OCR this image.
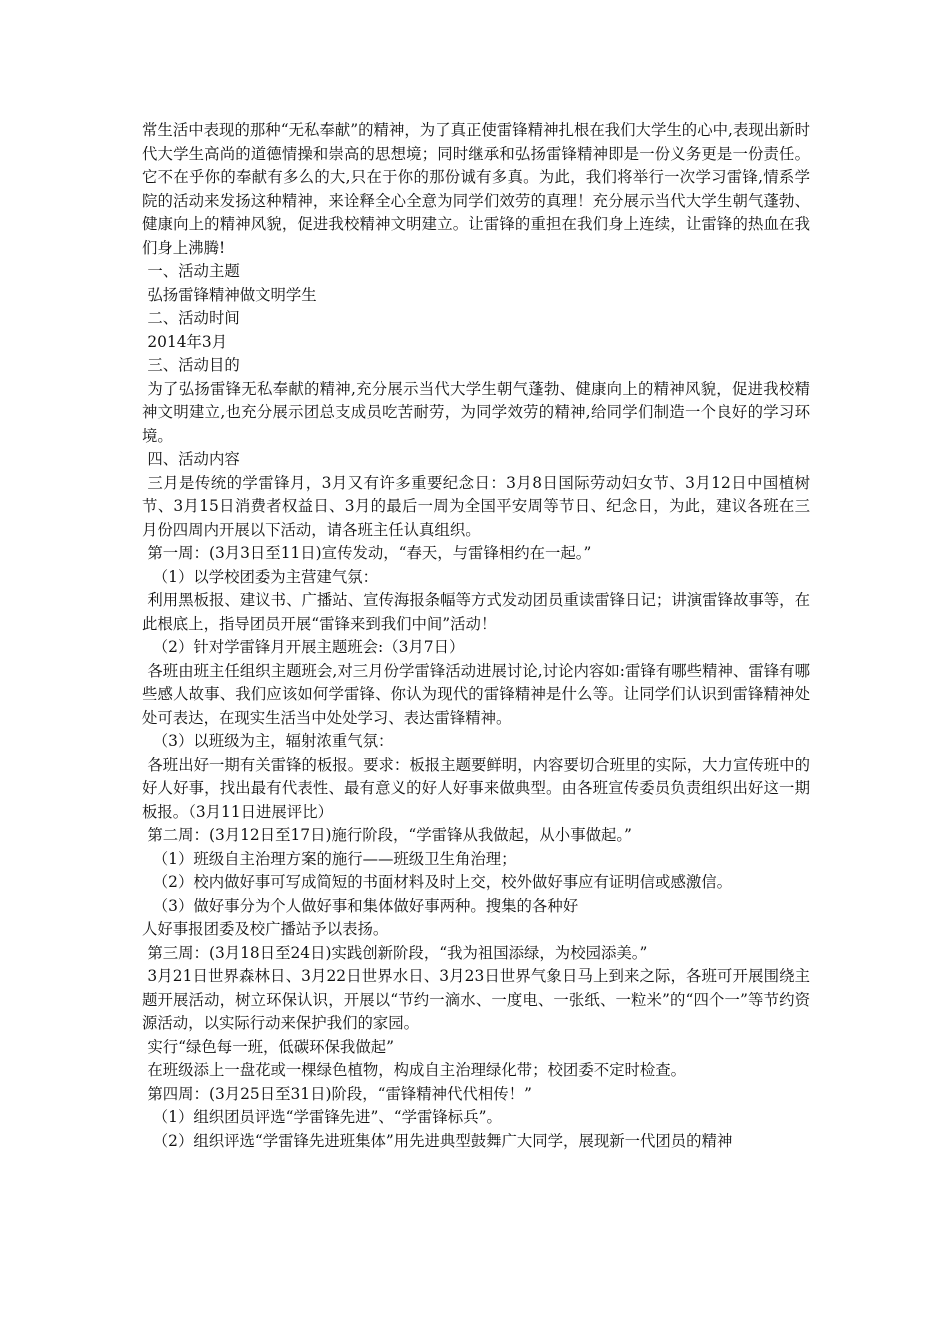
常生活中表现的那种“无私奉献”的精神，为了真正使雷锋精神扎根在我们大学生的心中,表现出新时代大学生高尚的道德情操和崇高的思想境；同时继承和弘扬雷锋精神即是一份义务更是一份责任。它不在乎你的奉献有多么的大,只在于你的那份诚有多真。为此，我们将举行一次学习雷锋,情系学院的活动来发扬这种精神，来诠释全心全意为同学们效劳的真理！充分展示当代大学生朝气蓬勃、健康向上的精神风貌，促进我校精神文明建立。让雷锋的重担在我们身上连续，让雷锋的热血在我们身上沸腾!

一、活动主题

弘扬雷锋精神做文明学生

二、活动时间

2014年3月

三、活动目的

为了弘扬雷锋无私奉献的精神,充分展示当代大学生朝气蓬勃、健康向上的精神风貌，促进我校精神文明建立,也充分展示团总支成员吃苦耐劳，为同学效劳的精神,给同学们制造一个良好的学习环境。

四、活动内容

三月是传统的学雷锋月，3月又有许多重要纪念日：3月8日国际劳动妇女节、3月12日中国植树节、3月15日消费者权益日、3月的最后一周为全国平安周等节日、纪念日，为此，建议各班在三月份四周内开展以下活动，请各班主任认真组织。

第一周：(3月3日至11日)宣传发动，“春天，与雷锋相约在一起。”

（1）以学校团委为主营建气氛：

利用黑板报、建议书、广播站、宣传海报条幅等方式发动团员重读雷锋日记；讲演雷锋故事等，在此根底上，指导团员开展“雷锋来到我们中间”活动！

（2）针对学雷锋月开展主题班会:（3月7日）

各班由班主任组织主题班会,对三月份学雷锋活动进展讨论,讨论内容如:雷锋有哪些精神、雷锋有哪些感人故事、我们应该如何学雷锋、你认为现代的雷锋精神是什么等。让同学们认识到雷锋精神处处可表达，在现实生活当中处处学习、表达雷锋精神。

（3）以班级为主，辐射浓重气氛：

各班出好一期有关雷锋的板报。要求：板报主题要鲜明，内容要切合班里的实际，大力宣传班中的好人好事，找出最有代表性、最有意义的好人好事来做典型。由各班宣传委员负责组织出好这一期板报。（3月11日进展评比）

第二周：(3月12日至17日)施行阶段，“学雷锋从我做起，从小事做起。”

（1）班级自主治理方案的施行——班级卫生角治理；

（2）校内做好事可写成简短的书面材料及时上交，校外做好事应有证明信或感激信。

（3）做好事分为个人做好事和集体做好事两种。搜集的各种好

人好事报团委及校广播站予以表扬。

第三周：(3月18日至24日)实践创新阶段，“我为祖国添绿，为校园添美。”

3月21日世界森林日、3月22日世界水日、3月23日世界气象日马上到来之际，各班可开展围绕主题开展活动，树立环保认识，开展以“节约一滴水、一度电、一张纸、一粒米”的“四个一”等节约资源活动，以实际行动来保护我们的家园。

实行“绿色每一班，低碳环保我做起”

在班级添上一盘花或一棵绿色植物，构成自主治理绿化带；校团委不定时检查。

第四周：(3月25日至31日)阶段，“雷锋精神代代相传！”

（1）组织团员评选“学雷锋先进”、“学雷锋标兵”。

（2）组织评选“学雷锋先进班集体”用先进典型鼓舞广大同学，展现新一代团员的精神
